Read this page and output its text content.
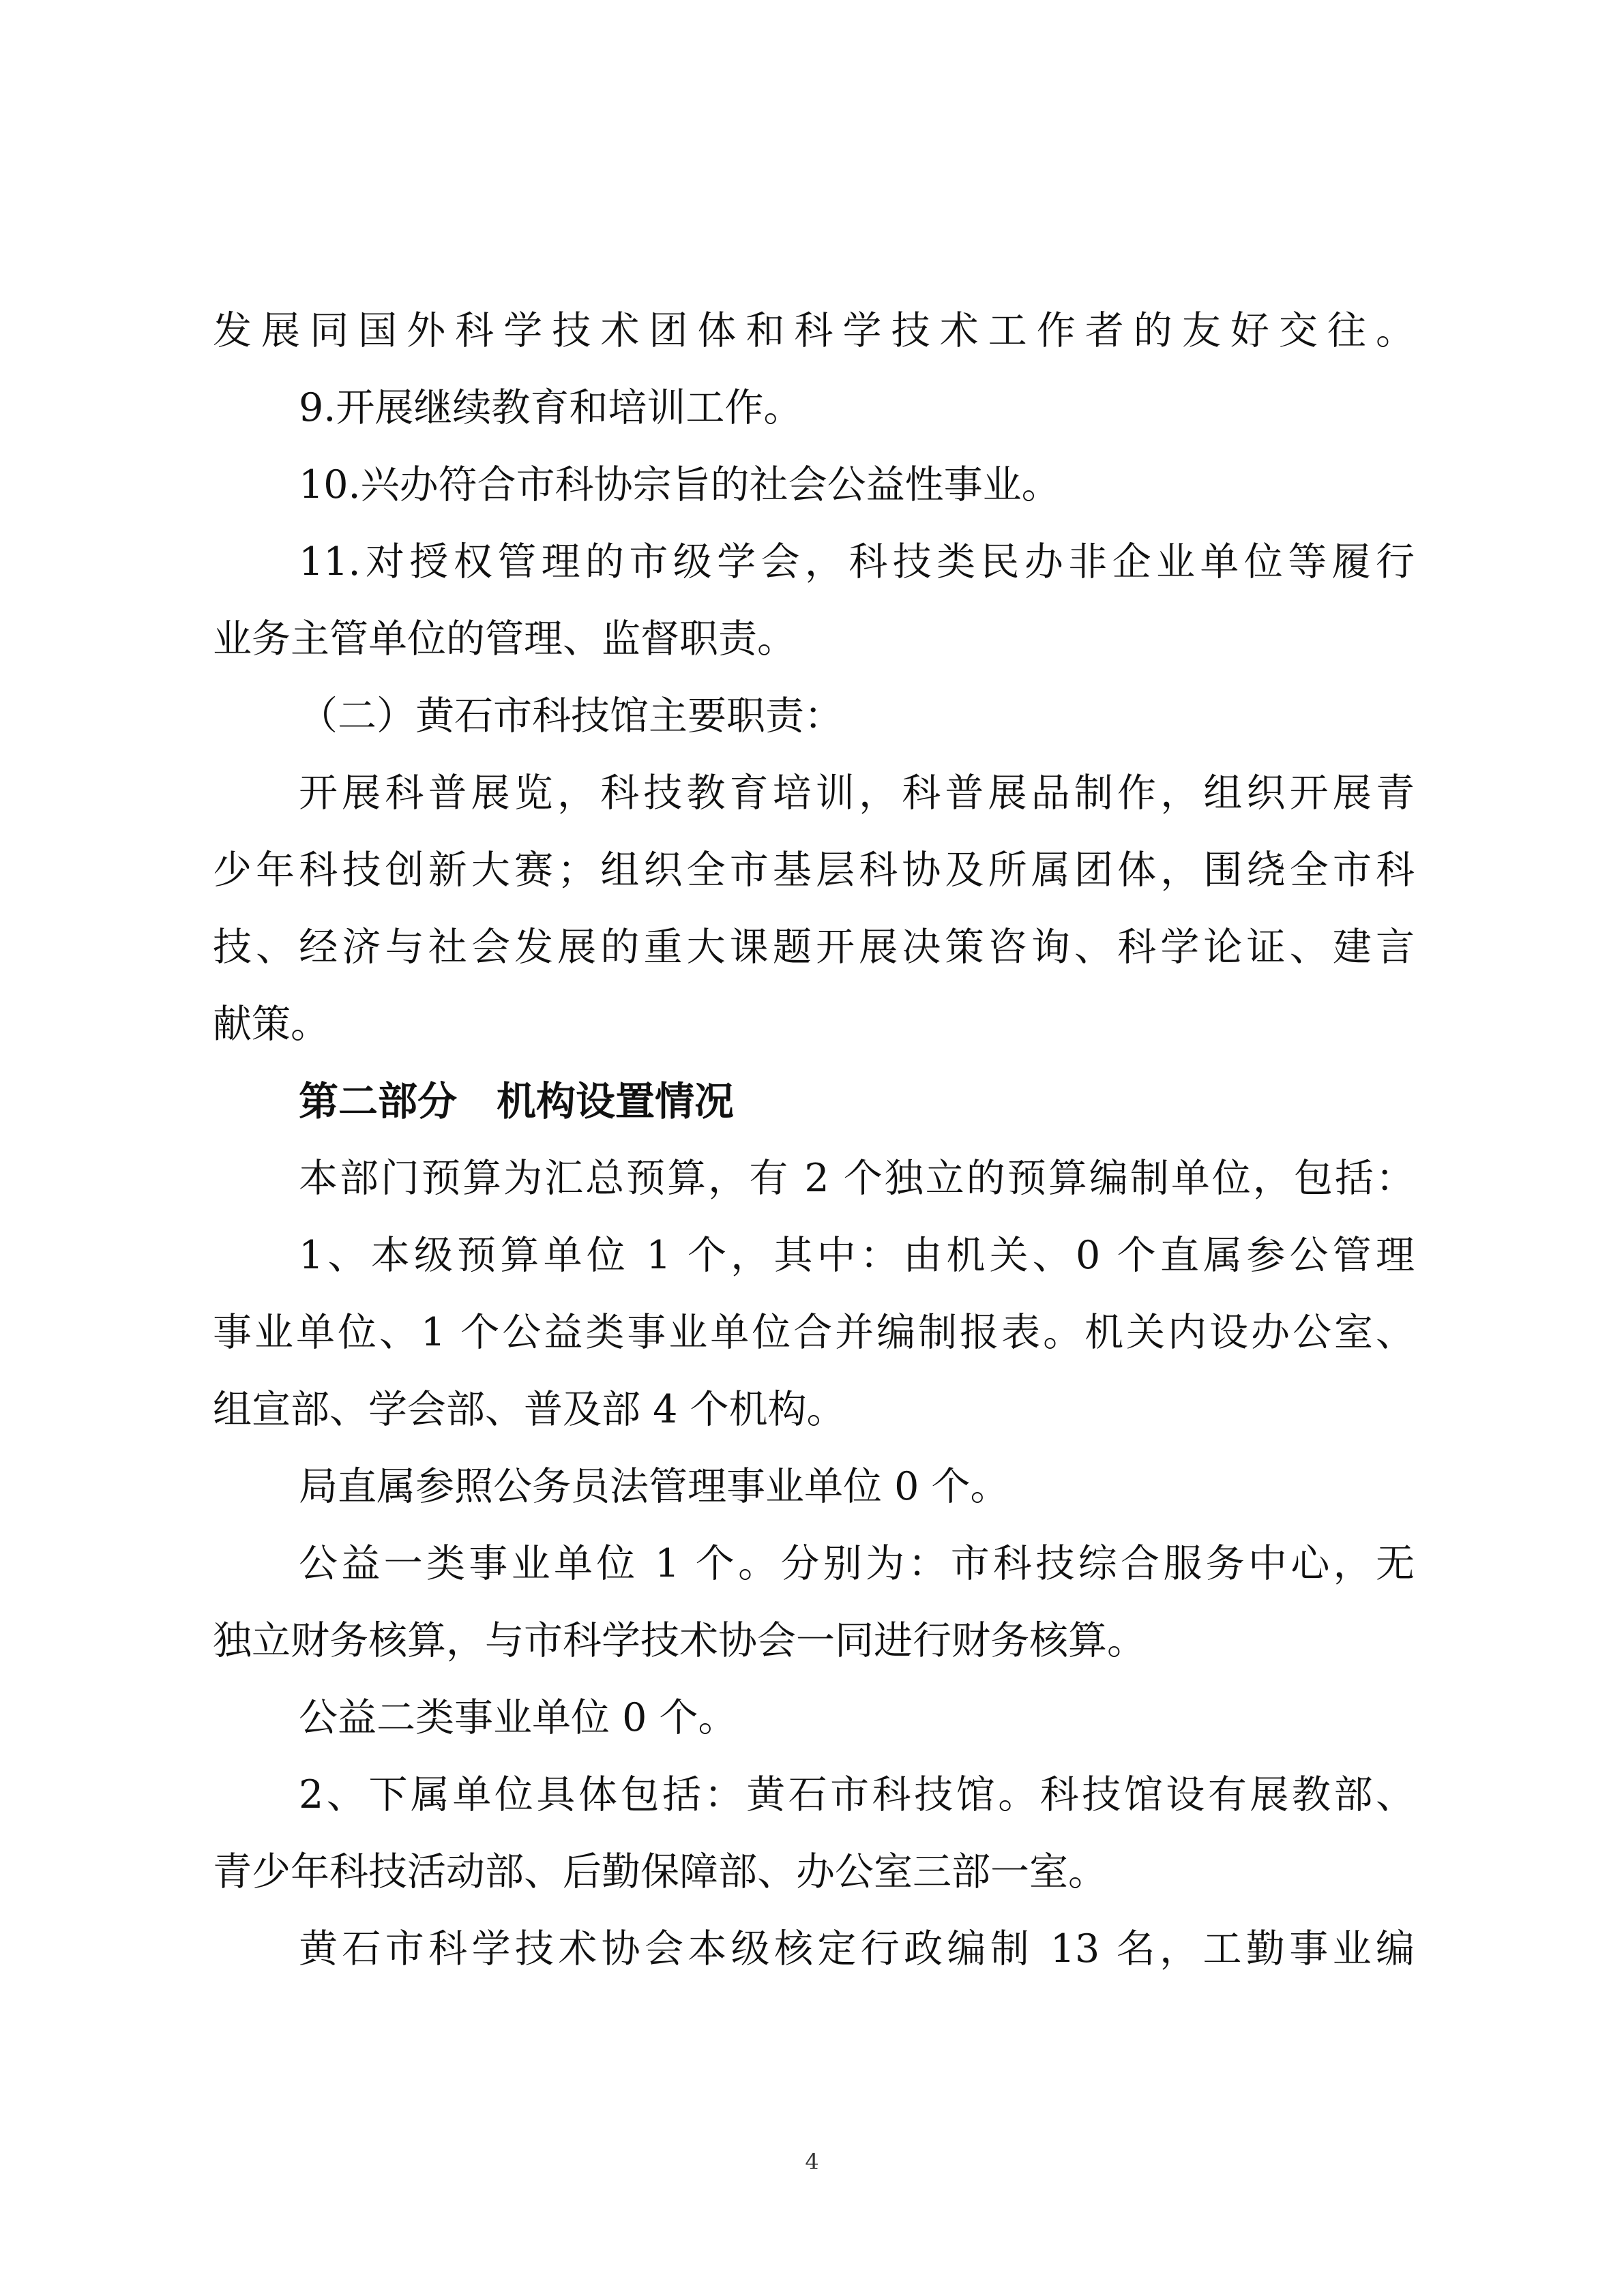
发展同国外科学技术团体和科学技术工作者的友好交往。
9.开展继续教育和培训工作。
10.兴办符合市科协宗旨的社会公益性事业。
11.对授权管理的市级学会，科技类民办非企业单位等履行
业务主管单位的管理、监督职责。
（二）黄石市科技馆主要职责：
开展科普展览，科技教育培训，科普展品制作，组织开展青
少年科技创新大赛；组织全市基层科协及所属团体，围绕全市科
技、经济与社会发展的重大课题开展决策咨询、科学论证、建言
献策。
第二部分　机构设置情况
本部门预算为汇总预算，有 2 个独立的预算编制单位，包括：
1、本级预算单位 1 个，其中：由机关、0 个直属参公管理
事业单位、1 个公益类事业单位合并编制报表。机关内设办公室、
组宣部、学会部、普及部 4 个机构。
局直属参照公务员法管理事业单位 0 个。
公益一类事业单位 1 个。分别为：市科技综合服务中心，无
独立财务核算，与市科学技术协会一同进行财务核算。
公益二类事业单位 0 个。
2、下属单位具体包括：黄石市科技馆。科技馆设有展教部、
青少年科技活动部、后勤保障部、办公室三部一室。
黄石市科学技术协会本级核定行政编制 13 名，工勤事业编
4
